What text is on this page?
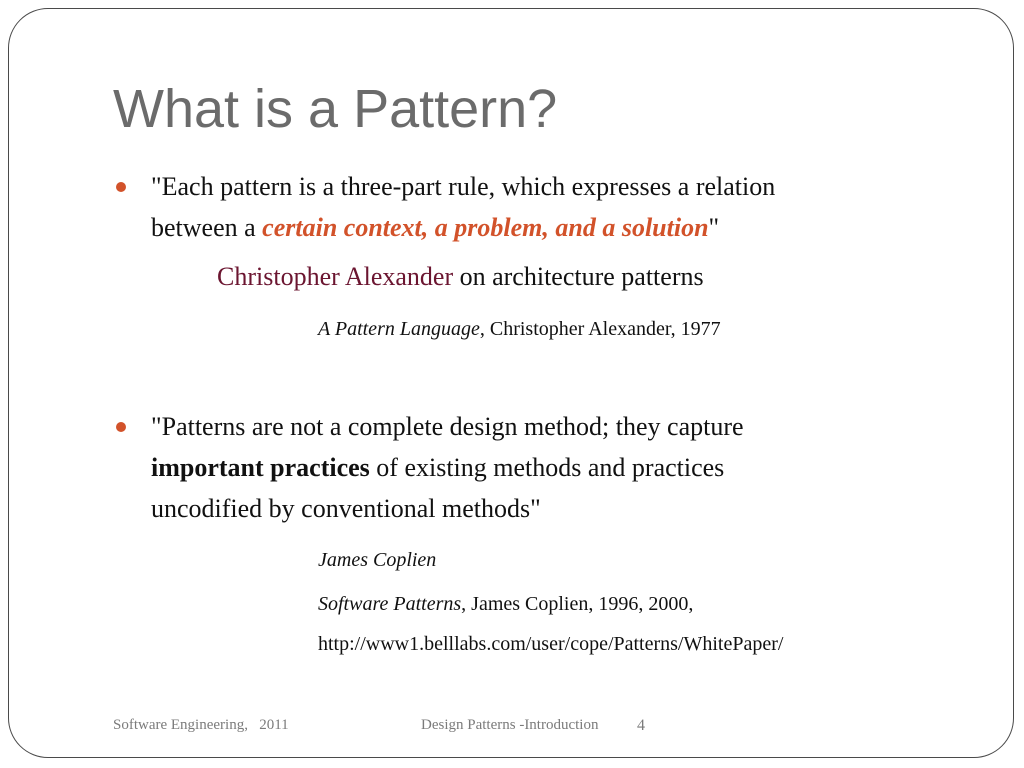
What is a Pattern?
"Each pattern is a three-part rule, which expresses a relation
between a certain context, a problem, and a solution"
Christopher Alexander on architecture patterns
A Pattern Language, Christopher Alexander, 1977
"Patterns are not a complete design method; they capture
important practices of existing methods and practices
uncodified by conventional methods"
James Coplien
Software Patterns, James Coplien, 1996, 2000,
http://www1.belllabs.com/user/cope/Patterns/WhitePaper/
Software Engineering,   2011	Design Patterns -Introduction 4
